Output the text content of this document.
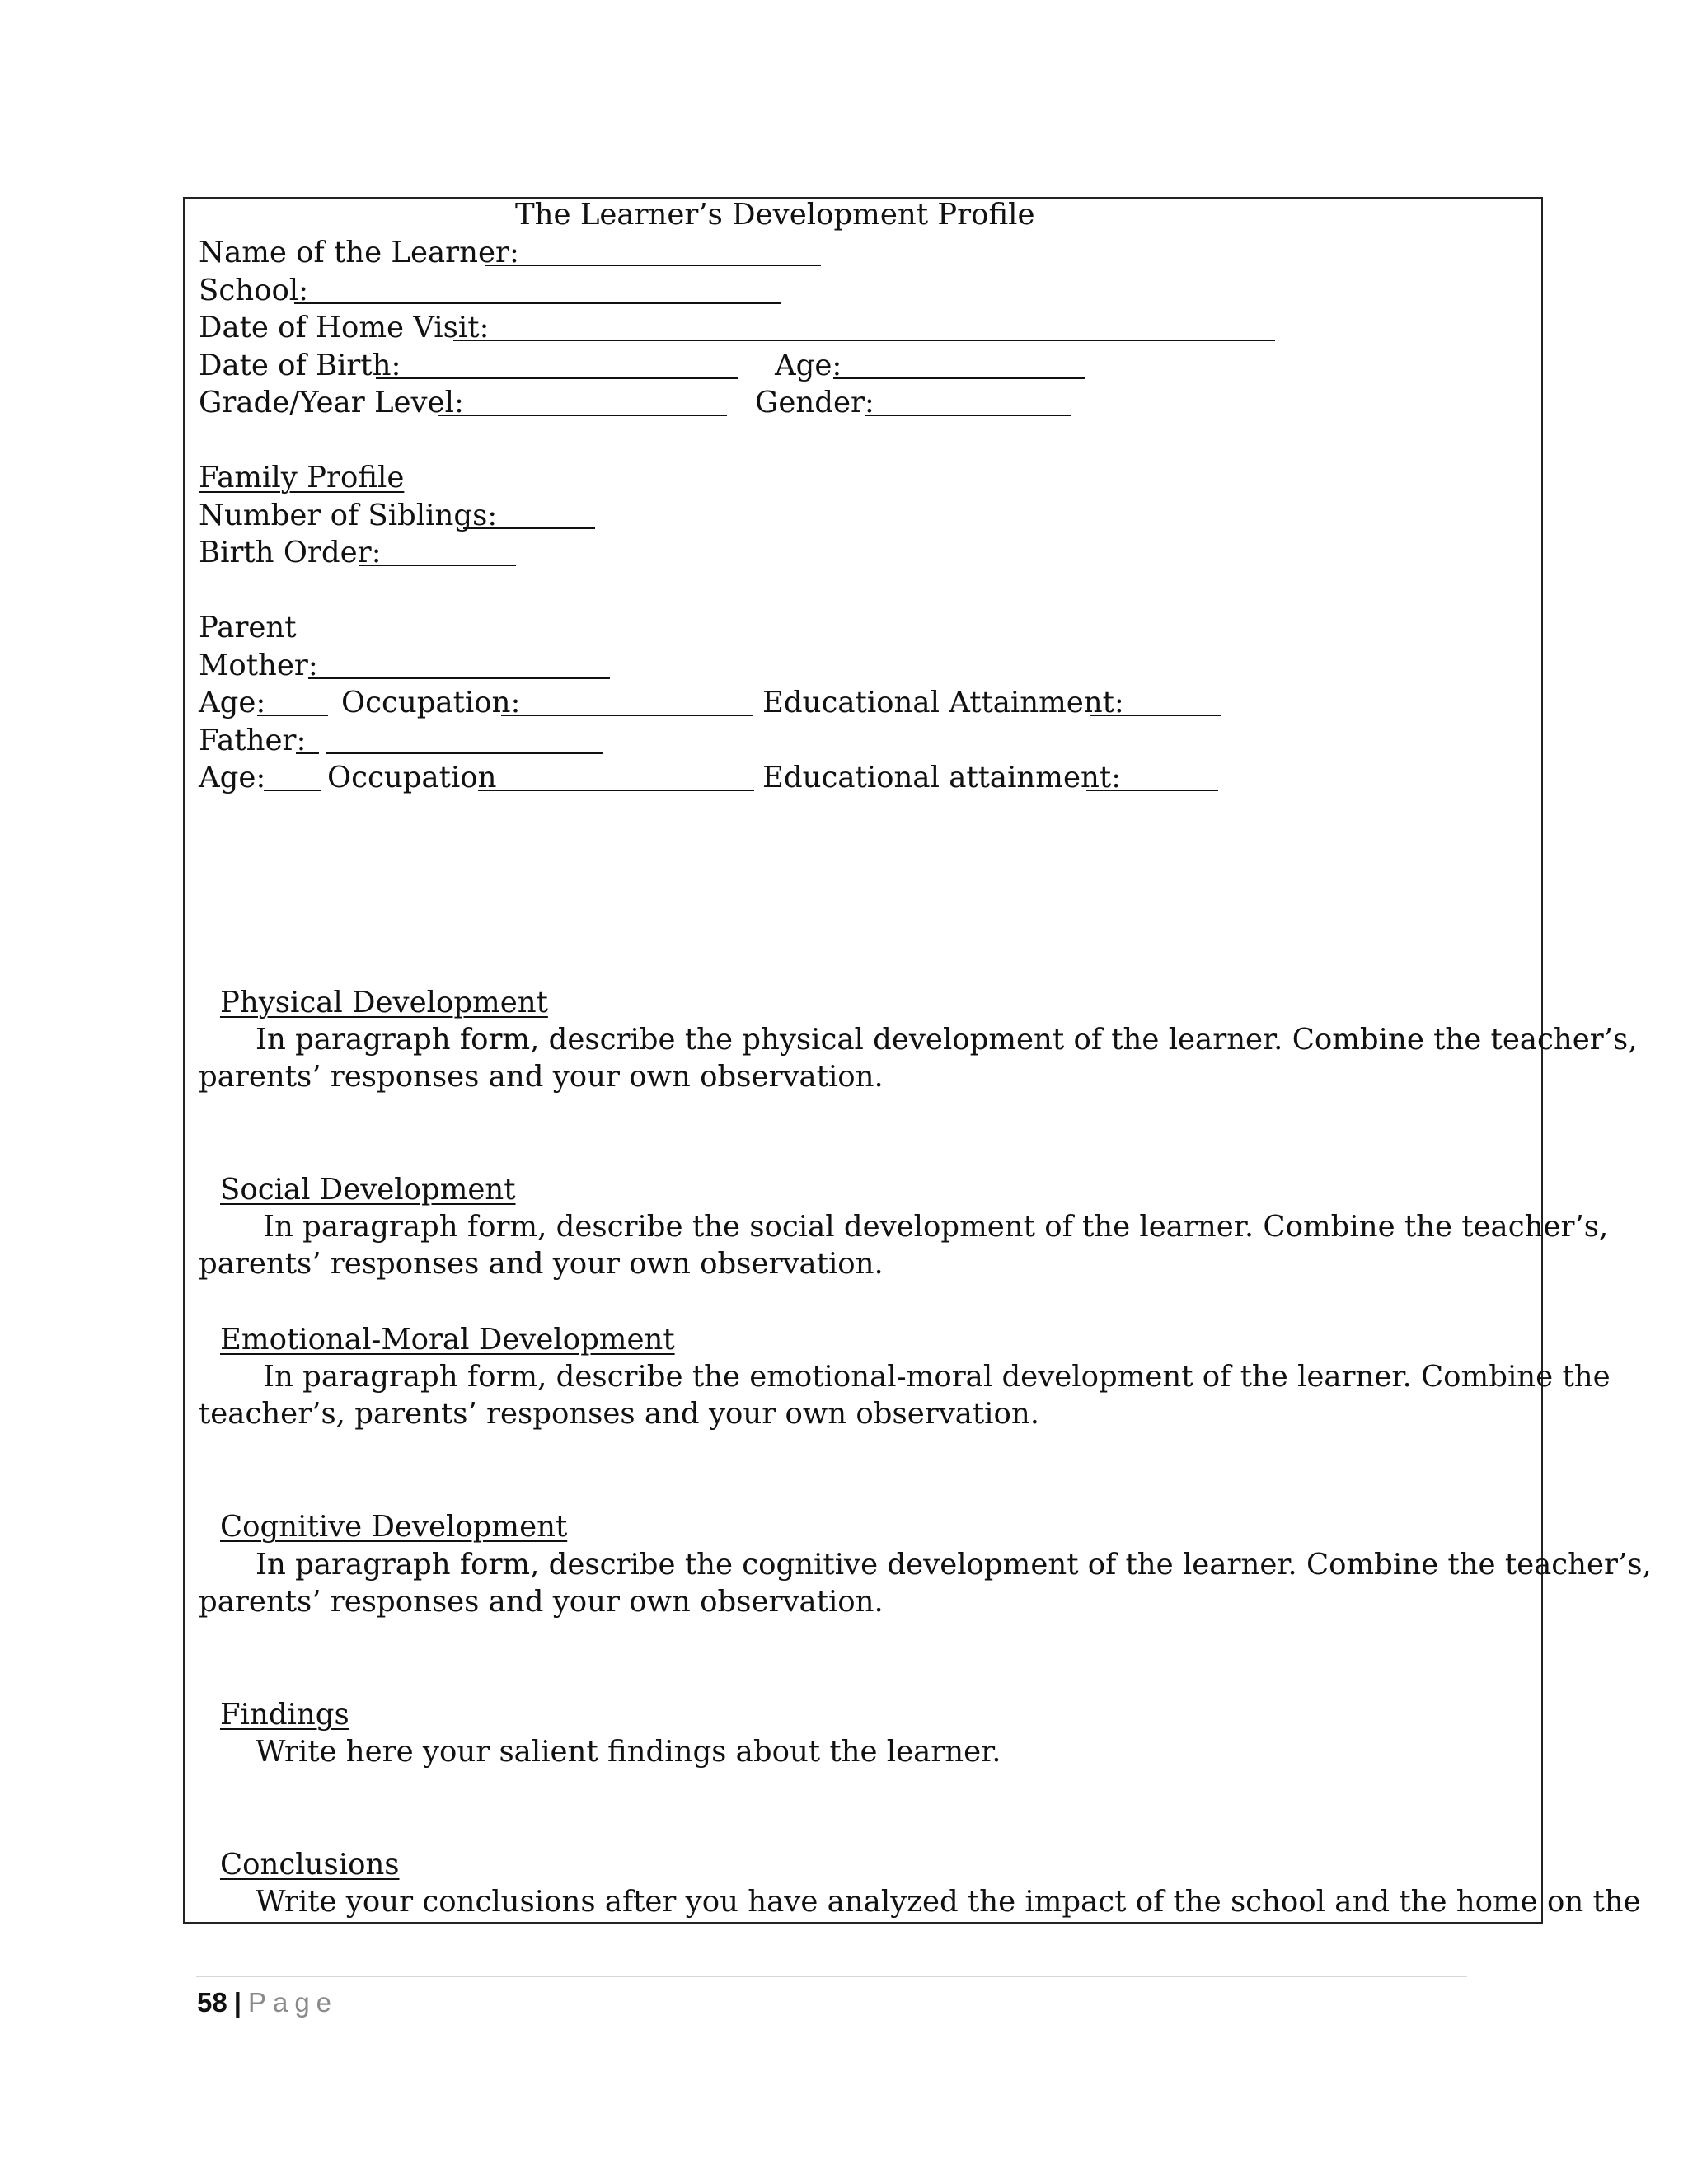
The Learner’s Development Profile
Name of the Learner:
School:
Date of Home Visit:
Date of Birth:	Age:
Grade/Year Level:	Gender:
Family Profile
Number of Siblings:
Birth Order:
Parent
Mother:
Age:	Occupation:	Educational Attainment:
Father:
Age: Occupation	Educational attainment:
Physical Development
In paragraph form, describe the physical development of the learner. Combine the teacher’s,
parents’ responses and your own observation.
Social Development
In paragraph form, describe the social development of the learner. Combine the teacher’s,
parents’ responses and your own observation.
Emotional-Moral Development
In paragraph form, describe the emotional-moral development of the learner. Combine the
teacher’s, parents’ responses and your own observation.
Cognitive Development
In paragraph form, describe the cognitive development of the learner. Combine the teacher’s,
parents’ responses and your own observation.
Findings
Write here your salient findings about the learner.
Conclusions
Write your conclusions after you have analyzed the impact of the school and the home on the
58 | Page
